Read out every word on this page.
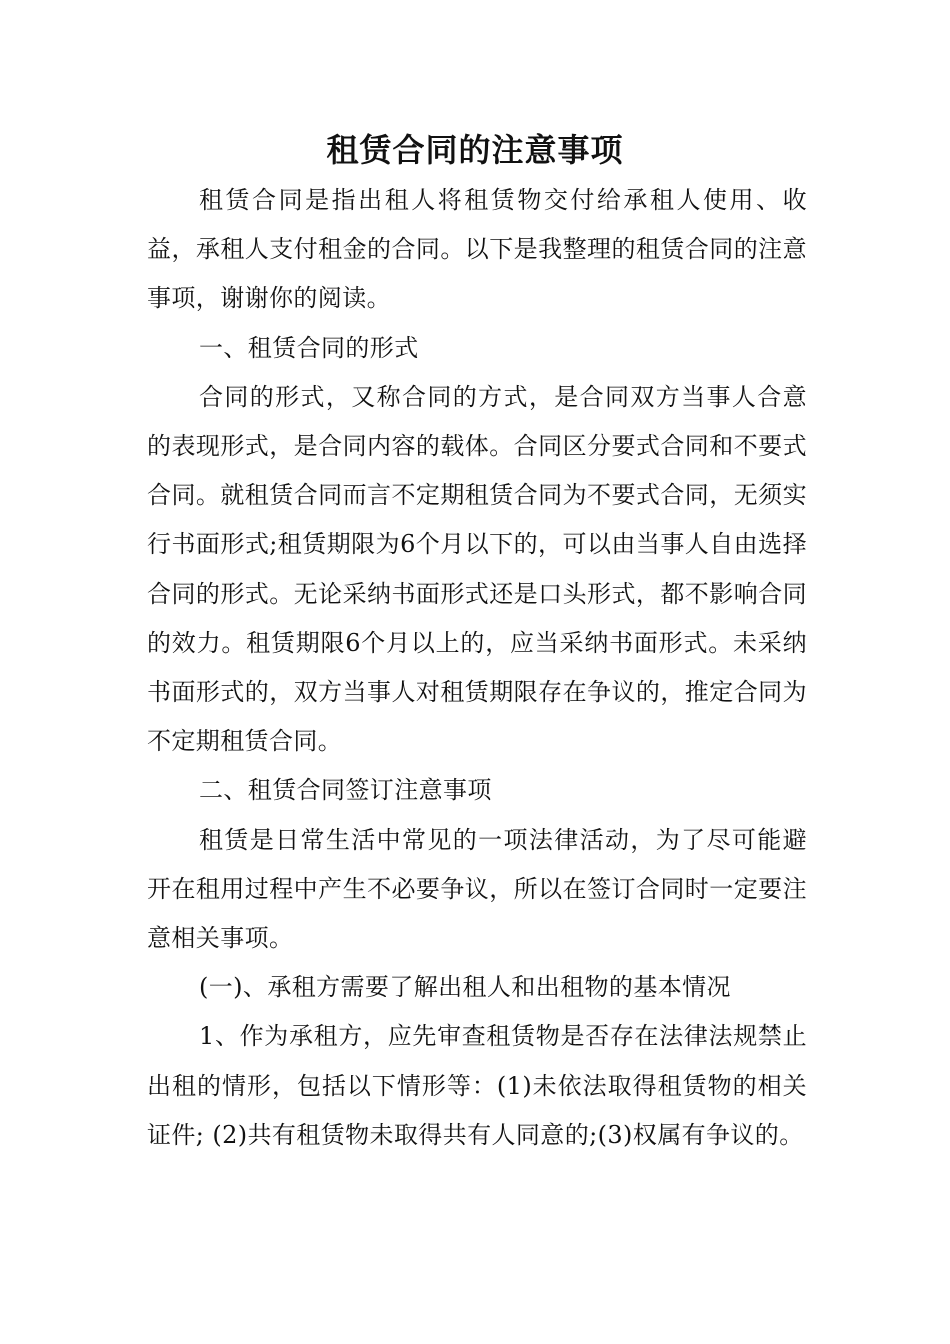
租赁合同的注意事项

租赁合同是指出租人将租赁物交付给承租人使用、收益，承租人支付租金的合同。以下是我整理的租赁合同的注意事项，谢谢你的阅读。

一、租赁合同的形式

合同的形式，又称合同的方式，是合同双方当事人合意的表现形式，是合同内容的载体。合同区分要式合同和不要式合同。就租赁合同而言不定期租赁合同为不要式合同，无须实行书面形式;租赁期限为6个月以下的，可以由当事人自由选择合同的形式。无论采纳书面形式还是口头形式，都不影响合同的效力。租赁期限6个月以上的，应当采纳书面形式。未采纳书面形式的，双方当事人对租赁期限存在争议的，推定合同为不定期租赁合同。

二、租赁合同签订注意事项

租赁是日常生活中常见的一项法律活动，为了尽可能避开在租用过程中产生不必要争议，所以在签订合同时一定要注意相关事项。

(一)、承租方需要了解出租人和出租物的基本情况

1、作为承租方，应先审查租赁物是否存在法律法规禁止出租的情形，包括以下情形等：(1)未依法取得租赁物的相关证件; (2)共有租赁物未取得共有人同意的;(3)权属有争议的。
